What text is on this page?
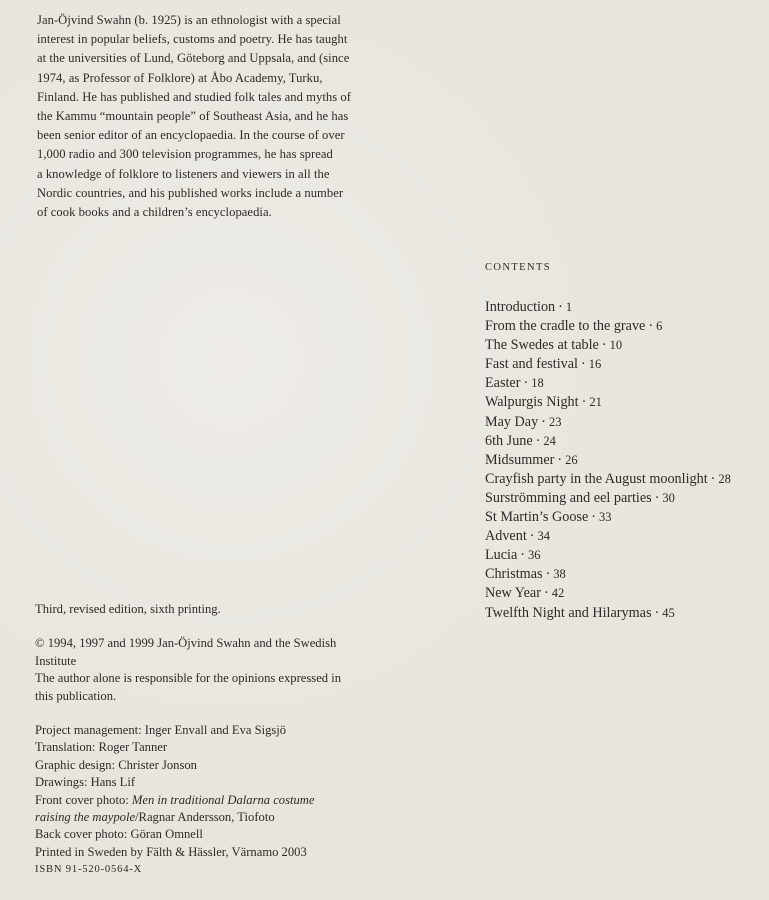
Jan-Öjvind Swahn (b. 1925) is an ethnologist with a special
interest in popular beliefs, customs and poetry. He has taught
at the universities of Lund, Göteborg and Uppsala, and (since
1974, as Professor of Folklore) at Åbo Academy, Turku,
Finland. He has published and studied folk tales and myths of
the Kammu “mountain people” of Southeast Asia, and he has
been senior editor of an encyclopaedia. In the course of over
1,000 radio and 300 television programmes, he has spread
a knowledge of folklore to listeners and viewers in all the
Nordic countries, and his published works include a number
of cook books and a children’s encyclopaedia.
CONTENTS
Introduction · 1
From the cradle to the grave · 6
The Swedes at table · 10
Fast and festival · 16
Easter · 18
Walpurgis Night · 21
May Day · 23
6th June · 24
Midsummer · 26
Crayfish party in the August moonlight · 28
Surströmming and eel parties · 30
St Martin’s Goose · 33
Advent · 34
Lucia · 36
Christmas · 38
New Year · 42
Twelfth Night and Hilarymas · 45
Third, revised edition, sixth printing.
© 1994, 1997 and 1999 Jan-Öjvind Swahn and the Swedish
Institute
The author alone is responsible for the opinions expressed in
this publication.
Project management: Inger Envall and Eva Sigsjö
Translation: Roger Tanner
Graphic design: Christer Jonson
Drawings: Hans Lif
Front cover photo: Men in traditional Dalarna costume
raising the maypole/Ragnar Andersson, Tiofoto
Back cover photo: Göran Omnell
Printed in Sweden by Fälth & Hässler, Värnamo 2003
ISBN 91-520-0564-X
